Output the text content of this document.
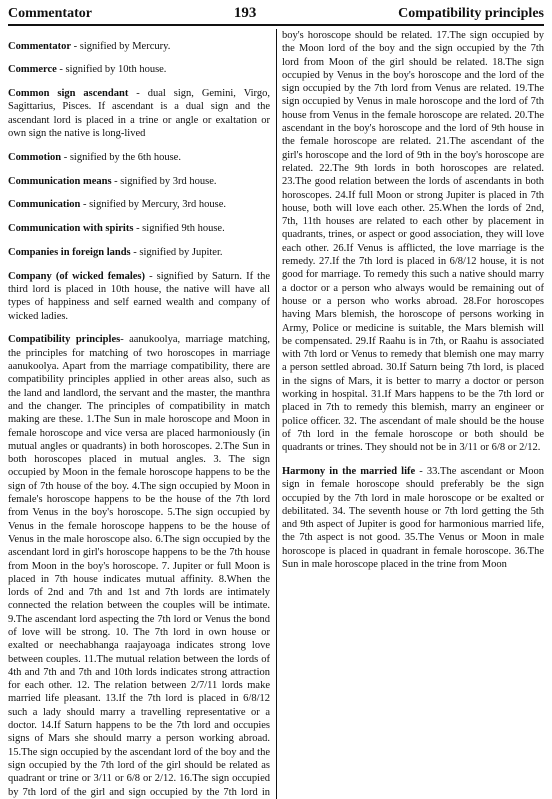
Commentator	193	Compatibility principles

Commentator - signified by Mercury.

Commerce - signified by 10th house.

Common sign ascendant - dual sign, Gemini, Virgo, Sagittarius, Pisces. If ascendant is a dual sign and the ascendant lord is placed in a trine or angle or exaltation or own sign the native is long-lived

Commotion - signified by the 6th house.

Communication means - signified by 3rd house.

Communication - signified by Mercury, 3rd house.

Communication with spirits - signified 9th house.

Companies in foreign lands - signified by Jupiter.

Company (of wicked females) - signified by Saturn. If the third lord is placed in 10th house, the native will have all types of happiness and self earned wealth and company of wicked ladies.

Compatibility principles- aanukoolya, marriage matching, the principles for matching of two horoscopes in marriage aanukoolya. Apart from the marriage compatibility, there are compatibility principles applied in other areas also, such as the land and landlord, the servant and the master, the manthra and the changer. The principles of compatibility in match making are these. 1.The Sun in male horoscope and Moon in female horoscope and vice versa are placed harmoniously (in mutual angles or quadrants) in both horoscopes. 2.The Sun in both horoscopes placed in mutual angles. 3. The sign occupied by Moon in the female horoscope happens to be the sign of 7th house of the boy. 4.The sign occupied by Moon in female's horoscope happens to be the house of the 7th lord from Venus in the boy's horoscope. 5.The sign occupied by Venus in the female horoscope happens to be the house of Venus in the male horoscope also. 6.The sign occupied by the ascendant lord in girl's horoscope happens to be the 7th house from Moon in the boy's horoscope. 7. Jupiter or full Moon is placed in 7th house indicates mutual affinity. 8.When the lords of 2nd and 7th and 1st and 7th lords are intimately connected the relation between the couples will be intimate. 9.The ascendant lord aspecting the 7th lord or Venus the bond of love will be strong. 10. The 7th lord in own house or exalted or neechabhanga raajayoaga indicates strong love between couples. 11.The mutual relation between the lords of 4th and 7th and 7th and 10th lords indicates strong attraction for each other. 12. The relation between 2/7/11 lords make married life pleasant. 13.If the 7th lord is placed in 6/8/12 such a lady should marry a travelling representative or a doctor. 14.If Saturn happens to be the 7th lord and occupies signs of Mars she should marry a person working abroad. 15.The sign occupied by the ascendant lord of the boy and the sign occupied by the 7th lord of the girl should be related as quadrant or trine or 3/11 or 6/8 or 2/12. 16.The sign occupied by 7th lord of the girl and sign occupied by the 7th lord in boy's horoscope should be related. 17.The sign occupied by the Moon lord of the boy and the sign occupied by the 7th lord from Moon of the girl should be related. 18.The sign occupied by Venus in the boy's horoscope and the lord of the sign occupied by the 7th lord from Venus are related. 19.The sign occupied by Venus in male horoscope and the lord of 7th house from Venus in the female horoscope are related. 20.The ascendant in the boy's horoscope and the lord of 9th house in the female horoscope are related. 21.The ascendant of the girl's horoscope and the lord of 9th in the boy's horoscope are related. 22.The 9th lords in both horoscopes are related. 23.The good relation between the lords of ascendants in both horoscopes. 24.If full Moon or strong Jupiter is placed in 7th house, both will love each other. 25.When the lords of 2nd, 7th, 11th houses are related to each other by placement in quadrants, trines, or aspect or good association, they will love each other. 26.If Venus is afflicted, the love marriage is the remedy. 27.If the 7th lord is placed in 6/8/12 house, it is not good for marriage. To remedy this such a native should marry a doctor or a person who always would be remaining out of house or a person who works abroad. 28.For horoscopes having Mars blemish, the horoscope of persons working in Army, Police or medicine is suitable, the Mars blemish will be compensated. 29.If Raahu is in 7th, or Raahu is associated with 7th lord or Venus to remedy that blemish one may marry a person settled abroad. 30.If Saturn being 7th lord, is placed in the signs of Mars, it is better to marry a doctor or person working in hospital. 31.If Mars happens to be the 7th lord or placed in 7th to remedy this blemish, marry an engineer or police officer. 32. The ascendant of male should be the house of 7th lord in the female horoscope or both should be quadrants or trines. They should not be in 3/11 or 6/8 or 2/12.

Harmony in the married life - 33.The ascendant or Moon sign in female horoscope should preferably be the sign occupied by the 7th lord in male horoscope or be exalted or debilitated. 34. The seventh house or 7th lord getting the 5th and 9th aspect of Jupiter is good for harmonious married life, the 7th aspect is not good. 35.The Venus or Moon in male horoscope is placed in quadrant in female horoscope. 36.The Sun in male horoscope placed in the trine from Moon
